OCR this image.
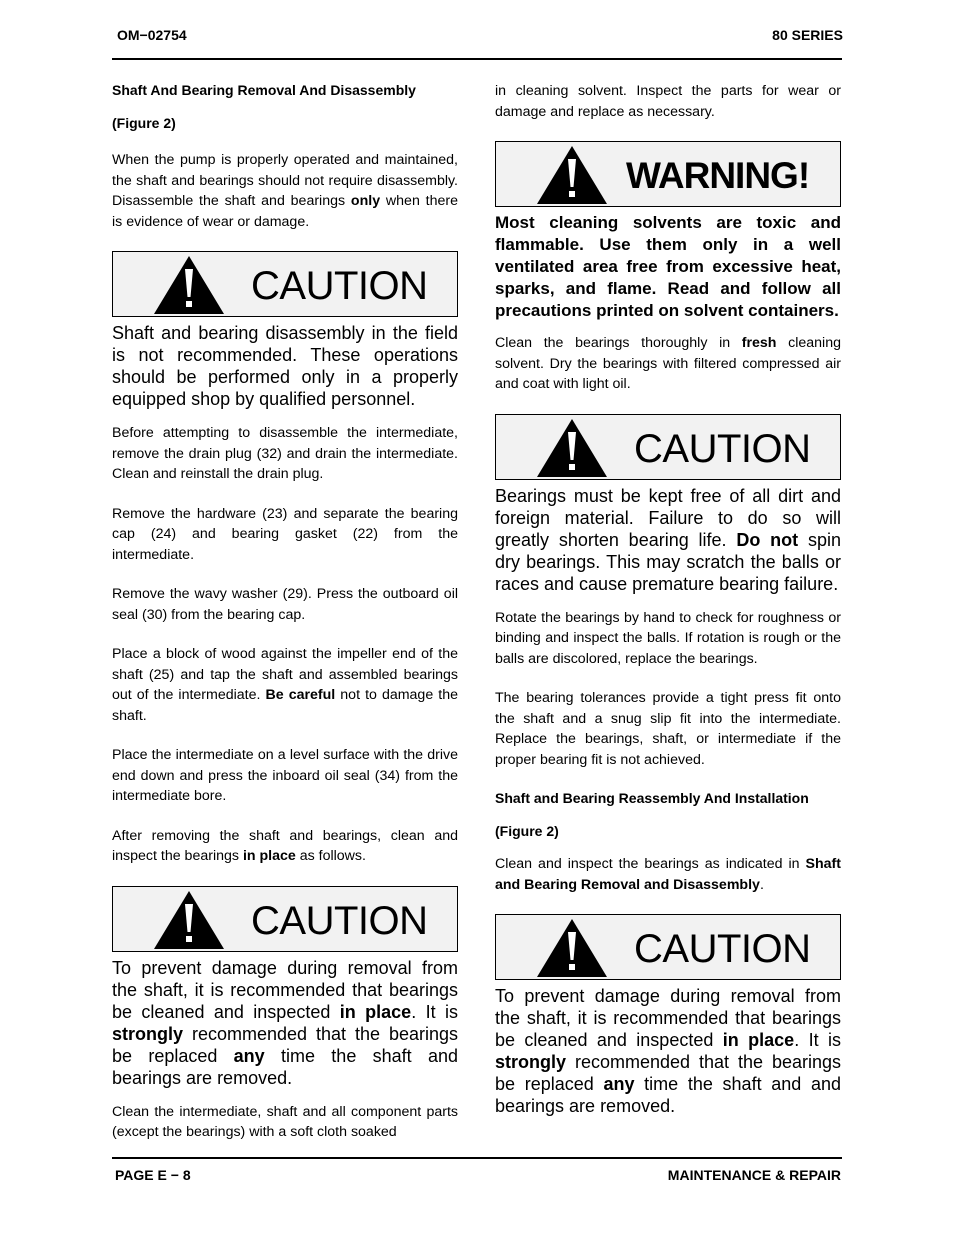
OM−02754	80 SERIES
Shaft And Bearing Removal And Disassembly
(Figure 2)
When the pump is properly operated and maintained, the shaft and bearings should not require disassembly. Disassemble the shaft and bearings only when there is evidence of wear or damage.
CAUTION
Shaft and bearing disassembly in the field is not recommended. These operations should be performed only in a properly equipped shop by qualified personnel.
Before attempting to disassemble the intermediate, remove the drain plug (32) and drain the intermediate. Clean and reinstall the drain plug.
Remove the hardware (23) and separate the bearing cap (24) and bearing gasket (22) from the intermediate.
Remove the wavy washer (29). Press the outboard oil seal (30) from the bearing cap.
Place a block of wood against the impeller end of the shaft (25) and tap the shaft and assembled bearings out of the intermediate. Be careful not to damage the shaft.
Place the intermediate on a level surface with the drive end down and press the inboard oil seal (34) from the intermediate bore.
After removing the shaft and bearings, clean and inspect the bearings in place as follows.
CAUTION
To prevent damage during removal from the shaft, it is recommended that bearings be cleaned and inspected in place. It is strongly recommended that the bearings be replaced any time the shaft and bearings are removed.
Clean the intermediate, shaft and all component parts (except the bearings) with a soft cloth soaked
in cleaning solvent. Inspect the parts for wear or damage and replace as necessary.
WARNING!
Most cleaning solvents are toxic and flammable. Use them only in a well ventilated area free from excessive heat, sparks, and flame. Read and follow all precautions printed on solvent containers.
Clean the bearings thoroughly in fresh cleaning solvent. Dry the bearings with filtered compressed air and coat with light oil.
CAUTION
Bearings must be kept free of all dirt and foreign material. Failure to do so will greatly shorten bearing life. Do not spin dry bearings. This may scratch the balls or races and cause premature bearing failure.
Rotate the bearings by hand to check for roughness or binding and inspect the balls. If rotation is rough or the balls are discolored, replace the bearings.
The bearing tolerances provide a tight press fit onto the shaft and a snug slip fit into the intermediate. Replace the bearings, shaft, or intermediate if the proper bearing fit is not achieved.
Shaft and Bearing Reassembly And Installation
(Figure 2)
Clean and inspect the bearings as indicated in Shaft and Bearing Removal and Disassembly.
CAUTION
To prevent damage during removal from the shaft, it is recommended that bearings be cleaned and inspected in place. It is strongly recommended that the bearings be replaced any time the shaft and and bearings are removed.
PAGE E − 8	MAINTENANCE & REPAIR
